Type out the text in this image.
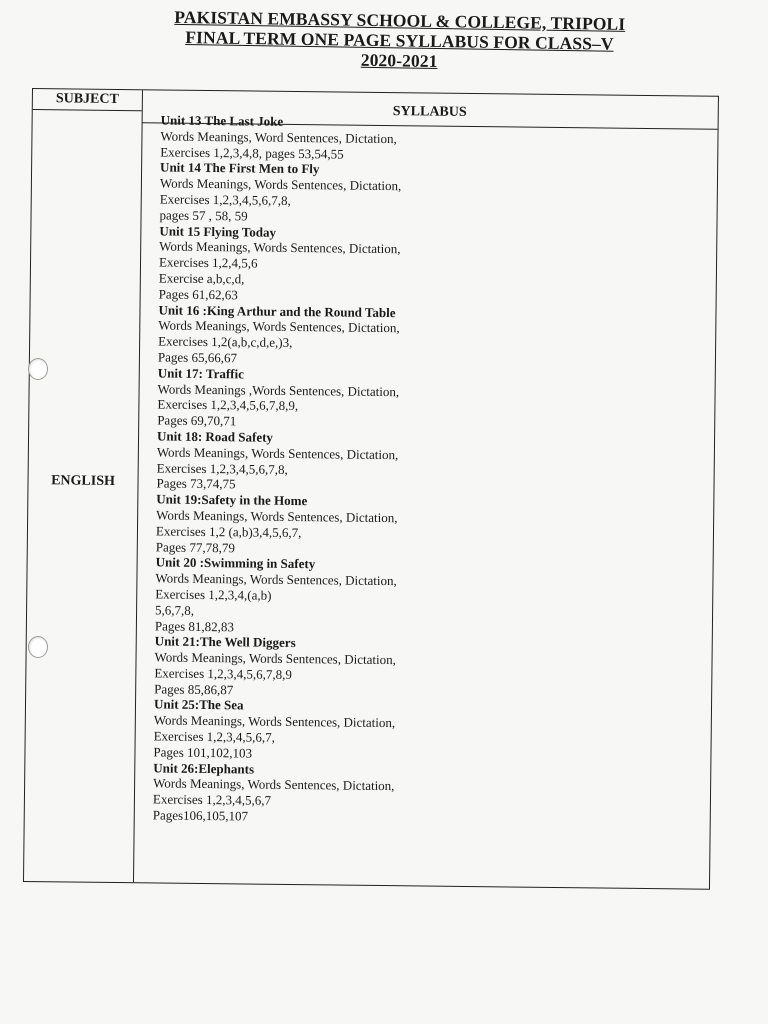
PAKISTAN EMBASSY SCHOOL & COLLEGE, TRIPOLI
FINAL TERM ONE PAGE SYLLABUS FOR CLASS–V
2020-2021
SUBJECT
SYLLABUS
ENGLISH
Unit 13 The Last Joke
Words Meanings, Word Sentences, Dictation,
Exercises 1,2,3,4,8, pages 53,54,55
Unit 14 The First Men to Fly
Words Meanings, Words Sentences, Dictation,
Exercises 1,2,3,4,5,6,7,8,
pages 57 , 58, 59
Unit 15 Flying Today
Words Meanings, Words Sentences, Dictation,
Exercises 1,2,4,5,6
Exercise a,b,c,d,
Pages 61,62,63
Unit 16 :King Arthur and the Round Table
Words Meanings, Words Sentences, Dictation,
Exercises 1,2(a,b,c,d,e,)3,
Pages 65,66,67
Unit 17: Traffic
Words Meanings ,Words Sentences, Dictation,
Exercises 1,2,3,4,5,6,7,8,9,
Pages 69,70,71
Unit 18: Road Safety
Words Meanings, Words Sentences, Dictation,
Exercises 1,2,3,4,5,6,7,8,
Pages 73,74,75
Unit 19:Safety in the Home
Words Meanings, Words Sentences, Dictation,
Exercises 1,2 (a,b)3,4,5,6,7,
Pages 77,78,79
Unit 20 :Swimming in Safety
Words Meanings, Words Sentences, Dictation,
Exercises 1,2,3,4,(a,b)
5,6,7,8,
Pages 81,82,83
Unit 21:The Well Diggers
Words Meanings, Words Sentences, Dictation,
Exercises 1,2,3,4,5,6,7,8,9
Pages 85,86,87
Unit 25:The Sea
Words Meanings, Words Sentences, Dictation,
Exercises 1,2,3,4,5,6,7,
Pages 101,102,103
Unit 26:Elephants
Words Meanings, Words Sentences, Dictation,
Exercises 1,2,3,4,5,6,7
Pages106,105,107
